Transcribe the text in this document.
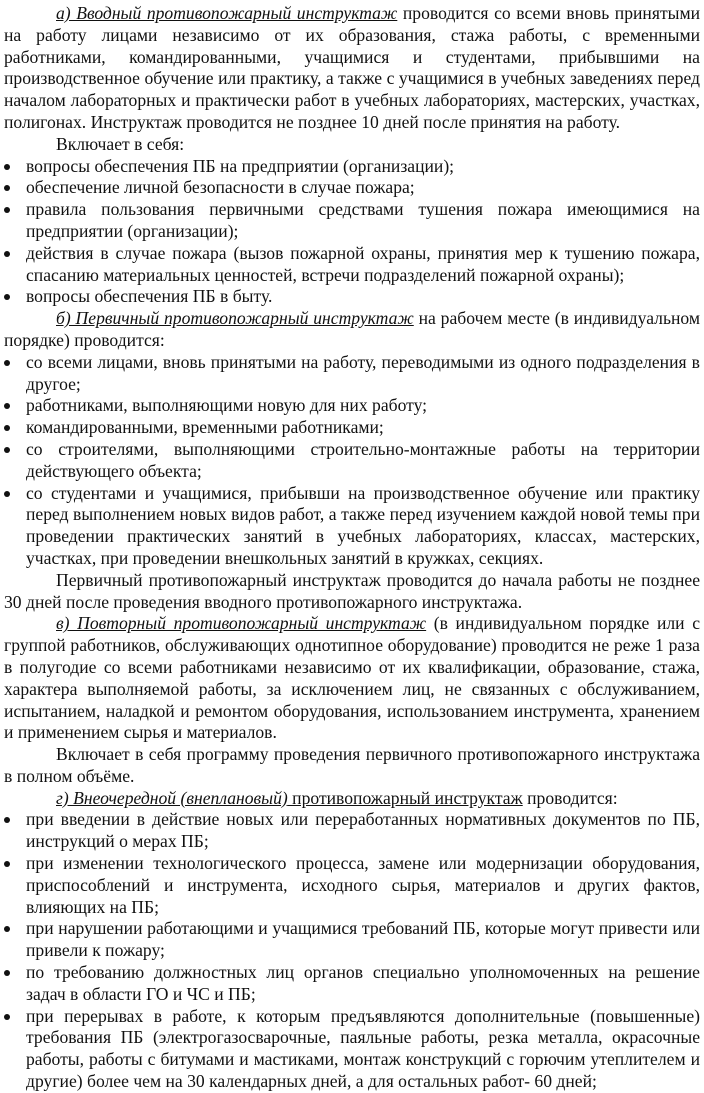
а) Вводный противопожарный инструктаж проводится со всеми вновь принятыми на работу лицами независимо от их образования, стажа работы, с временными работниками, командированными, учащимися и студентами, прибывшими на производственное обучение или практику, а также с учащимися в учебных заведениях перед началом лабораторных и практически работ в учебных лабораториях, мастерских, участках, полигонах. Инструктаж проводится не позднее 10 дней после принятия на работу.

Включает в себя:

вопросы обеспечения ПБ на предприятии (организации);
обеспечение личной безопасности в случае пожара;
правила пользования первичными средствами тушения пожара имеющимися на предприятии (организации);
действия в случае пожара (вызов пожарной охраны, принятия мер к тушению пожара, спасанию материальных ценностей, встречи подразделений пожарной охраны);
вопросы обеспечения ПБ в быту.

б) Первичный противопожарный инструктаж на рабочем месте (в индивидуальном порядке) проводится:

со всеми лицами, вновь принятыми на работу, переводимыми из одного подразделения в другое;
работниками, выполняющими новую для них работу;
командированными, временными работниками;
со строителями, выполняющими строительно-монтажные работы на территории действующего объекта;
со студентами и учащимися, прибывши на производственное обучение или практику перед выполнением новых видов работ, а также перед изучением каждой новой темы при проведении практических занятий в учебных лабораториях, классах, мастерских, участках, при проведении внешкольных занятий в кружках, секциях.

Первичный противопожарный инструктаж проводится до начала работы не позднее 30 дней после проведения вводного противопожарного инструктажа.

в) Повторный противопожарный инструктаж (в индивидуальном порядке или с группой работников, обслуживающих однотипное оборудование) проводится не реже 1 раза в полугодие со всеми работниками независимо от их квалификации, образование, стажа, характера выполняемой работы, за исключением лиц, не связанных с обслуживанием, испытанием, наладкой и ремонтом оборудования, использованием инструмента, хранением и применением сырья и материалов.

Включает в себя программу проведения первичного противопожарного инструктажа в полном объёме.

г) Внеочередной (внеплановый) противопожарный инструктаж проводится:

при введении в действие новых или переработанных нормативных документов по ПБ, инструкций о мерах ПБ;
при изменении технологического процесса, замене или модернизации оборудования, приспособлений и инструмента, исходного сырья, материалов и других фактов, влияющих на ПБ;
при нарушении работающими и учащимися требований ПБ, которые могут привести или привели к пожару;
по требованию должностных лиц органов специально уполномоченных на решение задач в области ГО и ЧС и ПБ;
при перерывах в работе, к которым предъявляются дополнительные (повышенные) требования ПБ (электрогазосварочные, паяльные работы, резка металла, окрасочные работы, работы с битумами и мастиками, монтаж конструкций с горючим утеплителем и другие) более чем на 30 календарных дней, а для остальных работ- 60 дней;
